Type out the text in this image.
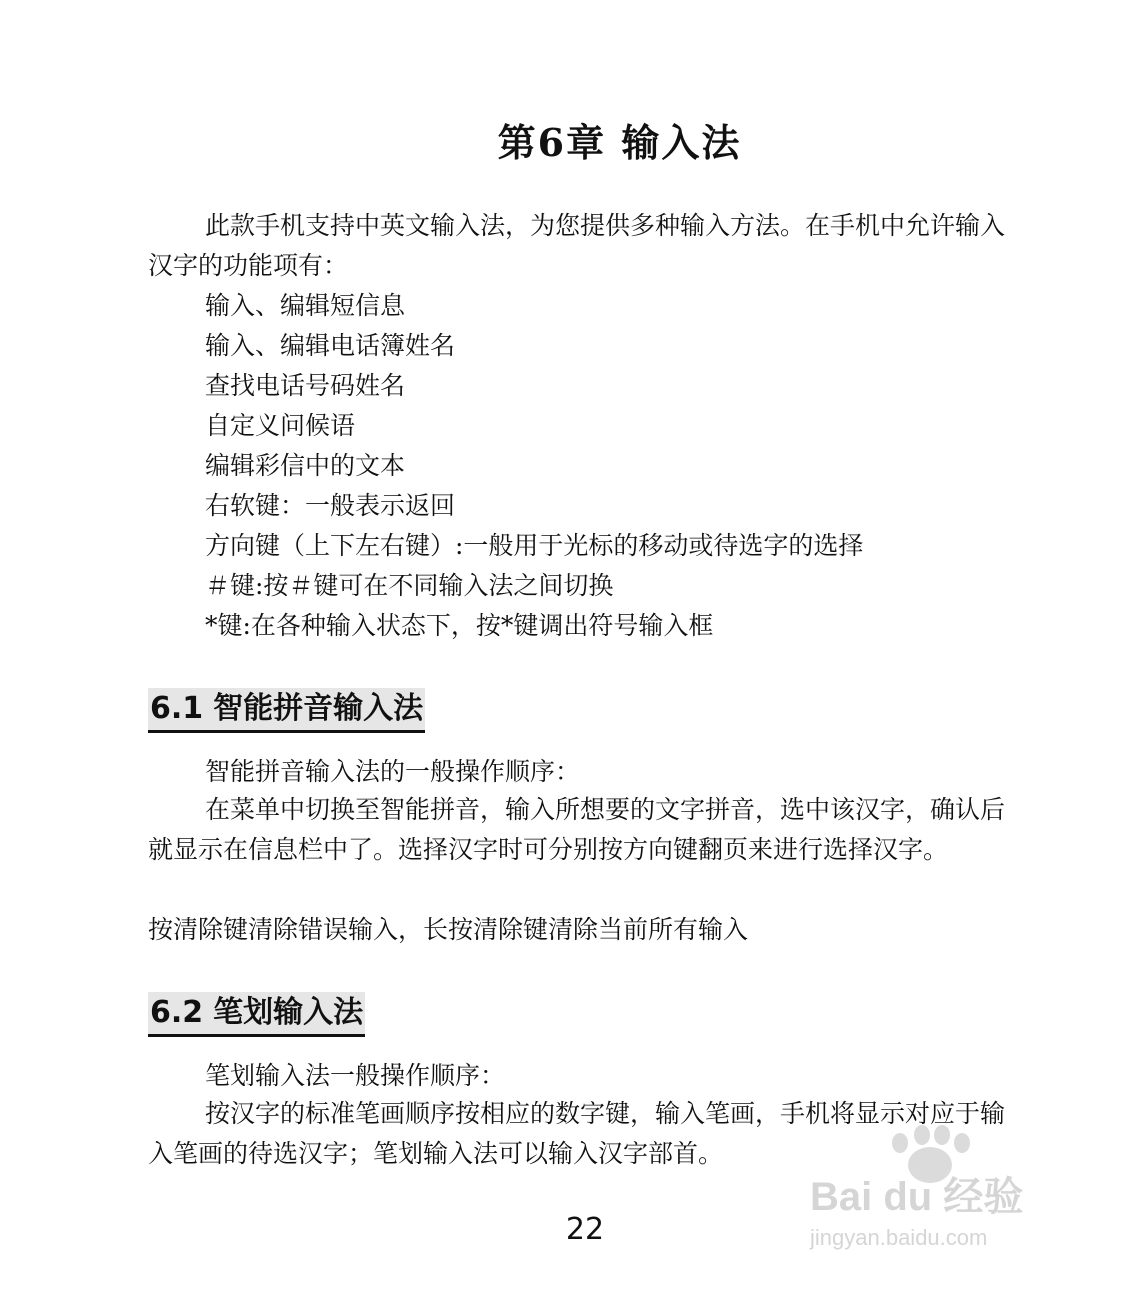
第6章 输入法

此款手机支持中英文输入法，为您提供多种输入方法。在手机中允许输入汉字的功能项有：

输入、编辑短信息
输入、编辑电话簿姓名
查找电话号码姓名
自定义问候语
编辑彩信中的文本
右软键：一般表示返回
方向键（上下左右键）:一般用于光标的移动或待选字的选择
＃键:按＃键可在不同输入法之间切换
*键:在各种输入状态下，按*键调出符号输入框
6.1 智能拼音输入法

智能拼音输入法的一般操作顺序：

在菜单中切换至智能拼音，输入所想要的文字拼音，选中该汉字，确认后就显示在信息栏中了。选择汉字时可分别按方向键翻页来进行选择汉字。

按清除键清除错误输入，长按清除键清除当前所有输入

6.2 笔划输入法

笔划输入法一般操作顺序：

按汉字的标准笔画顺序按相应的数字键，输入笔画，手机将显示对应于输入笔画的待选汉字；笔划输入法可以输入汉字部首。

22
Bai du 经验
jingyan.baidu.com
